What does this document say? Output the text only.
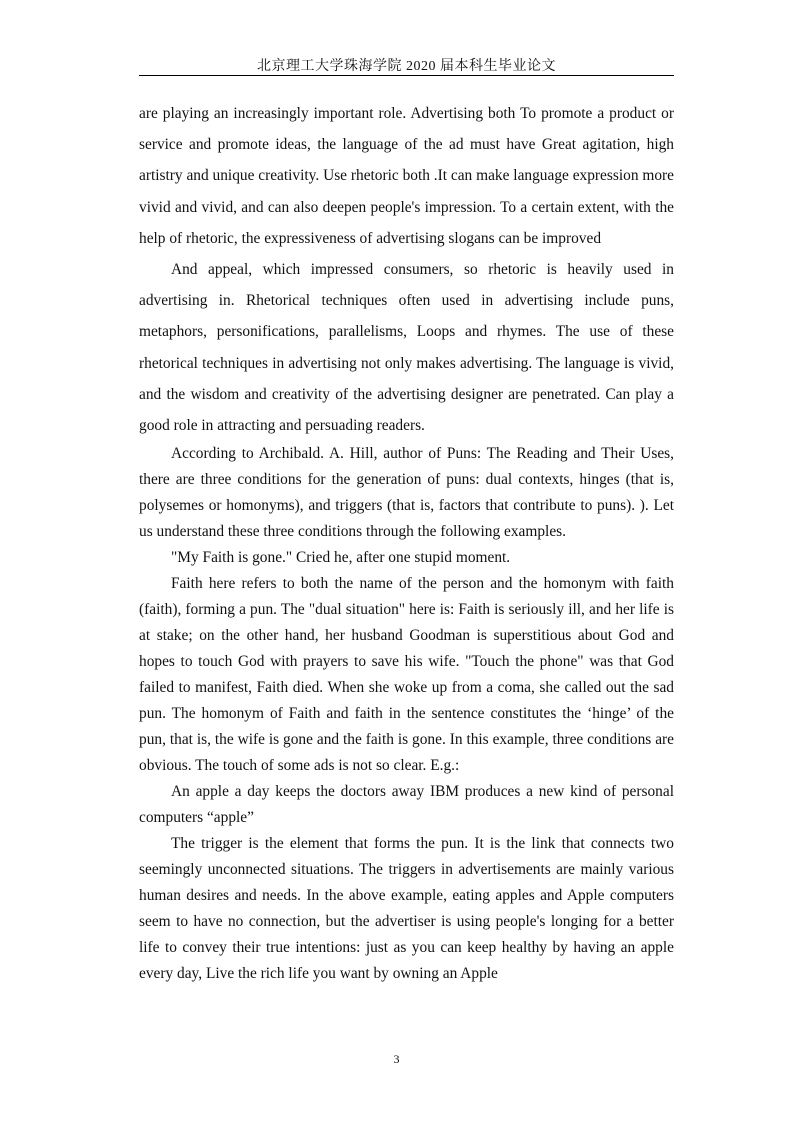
北京理工大学珠海学院 2020 届本科生毕业论文

are playing an increasingly important role. Advertising both To promote a product or service and promote ideas, the language of the ad must have Great agitation, high artistry and unique creativity. Use rhetoric both .It can make language expression more vivid and vivid, and can also deepen people's impression. To a certain extent, with the help of rhetoric, the expressiveness of advertising slogans can be improved

And appeal, which impressed consumers, so rhetoric is heavily used in advertising in. Rhetorical techniques often used in advertising include puns, metaphors, personifications, parallelisms, Loops and rhymes. The use of these rhetorical techniques in advertising not only makes advertising. The language is vivid, and the wisdom and creativity of the advertising designer are penetrated. Can play a good role in attracting and persuading readers.

According to Archibald. A. Hill, author of Puns: The Reading and Their Uses, there are three conditions for the generation of puns: dual contexts, hinges (that is, polysemes or homonyms), and triggers (that is, factors that contribute to puns). ). Let us understand these three conditions through the following examples.

"My Faith is gone." Cried he, after one stupid moment.

Faith here refers to both the name of the person and the homonym with faith (faith), forming a pun. The "dual situation" here is: Faith is seriously ill, and her life is at stake; on the other hand, her husband Goodman is superstitious about God and hopes to touch God with prayers to save his wife. "Touch the phone" was that God failed to manifest, Faith died. When she woke up from a coma, she called out the sad pun. The homonym of Faith and faith in the sentence constitutes the ‘hinge’ of the pun, that is, the wife is gone and the faith is gone. In this example, three conditions are obvious. The touch of some ads is not so clear. E.g.:

An apple a day keeps the doctors away IBM produces a new kind of personal computers “apple”

The trigger is the element that forms the pun. It is the link that connects two seemingly unconnected situations. The triggers in advertisements are mainly various human desires and needs. In the above example, eating apples and Apple computers seem to have no connection, but the advertiser is using people's longing for a better life to convey their true intentions: just as you can keep healthy by having an apple every day, Live the rich life you want by owning an Apple

3
